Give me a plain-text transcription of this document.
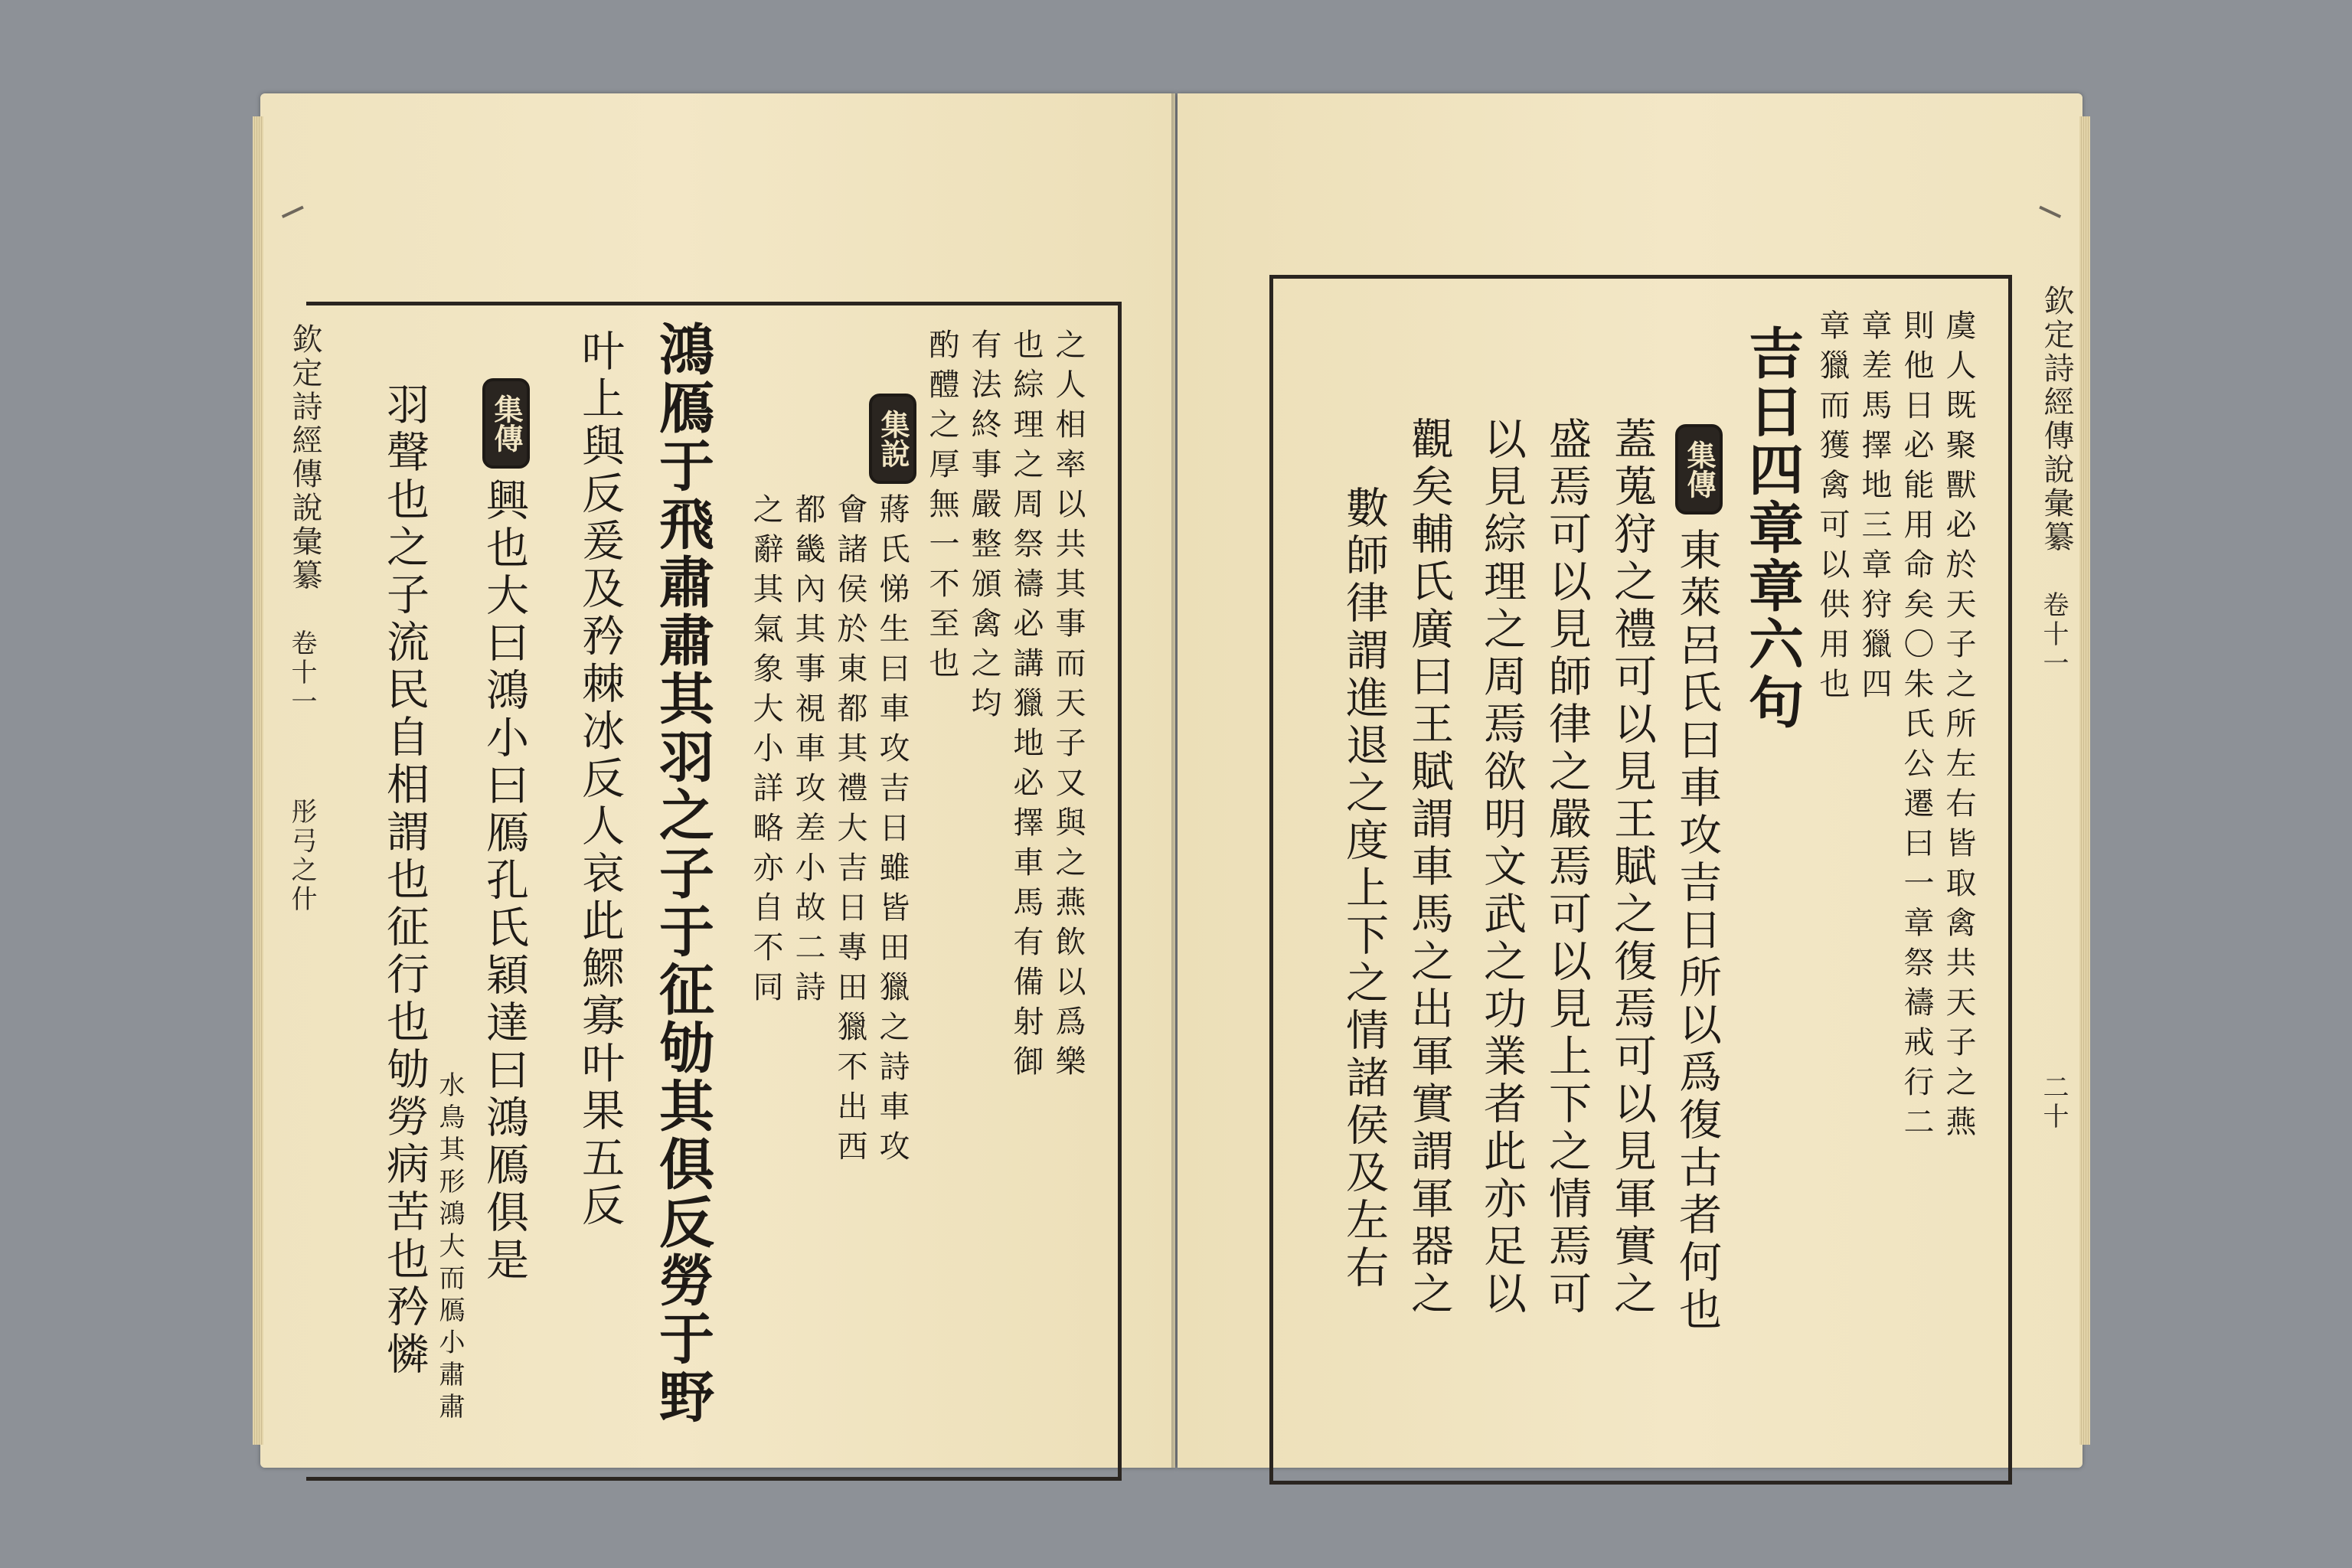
欽定詩經傳說彙纂
卷十一
彤弓之什	之人相率以共其事而天子又與之燕飲以爲樂
也綜理之周祭禱必講獵地必擇車馬有備射御
有法終事嚴整頒禽之均
酌醴之厚無一不至也
集說
蔣氏悌生曰車攻吉日雖皆田獵之詩車攻
會諸侯於東都其禮大吉日專田獵不出西
都畿內其事視車攻差小故二詩
之辭其氣象大小詳略亦自不同
鴻鴈于飛肅肅其羽之子于征劬其俱反勞于野
叶上與反爰及矜棘冰反人哀此鰥寡叶果五反
集傳
興也大曰鴻小曰鴈孔氏穎達曰鴻鴈俱是
水鳥其形鴻大而鴈小肅肅
羽聲也之子流民自相謂也征行也劬勞病苦也矜憐	欽定詩經傳說彙纂
卷十一
二十
虞人既聚獸必於天子之所左右皆取禽共天子之燕
則他日必能用命矣〇朱氏公遷曰一章祭禱戒行二
章差馬擇地三章狩獵四
章獵而獲禽可以供用也
吉日四章章六句
集傳
東萊呂氏曰車攻吉日所以爲復古者何也
蓋蒐狩之禮可以見王賦之復焉可以見軍實之
盛焉可以見師律之嚴焉可以見上下之情焉可
以見綜理之周焉欲明文武之功業者此亦足以
觀矣輔氏廣曰王賦謂車馬之出軍實謂軍器之
數師律謂進退之度上下之情諸侯及左右
